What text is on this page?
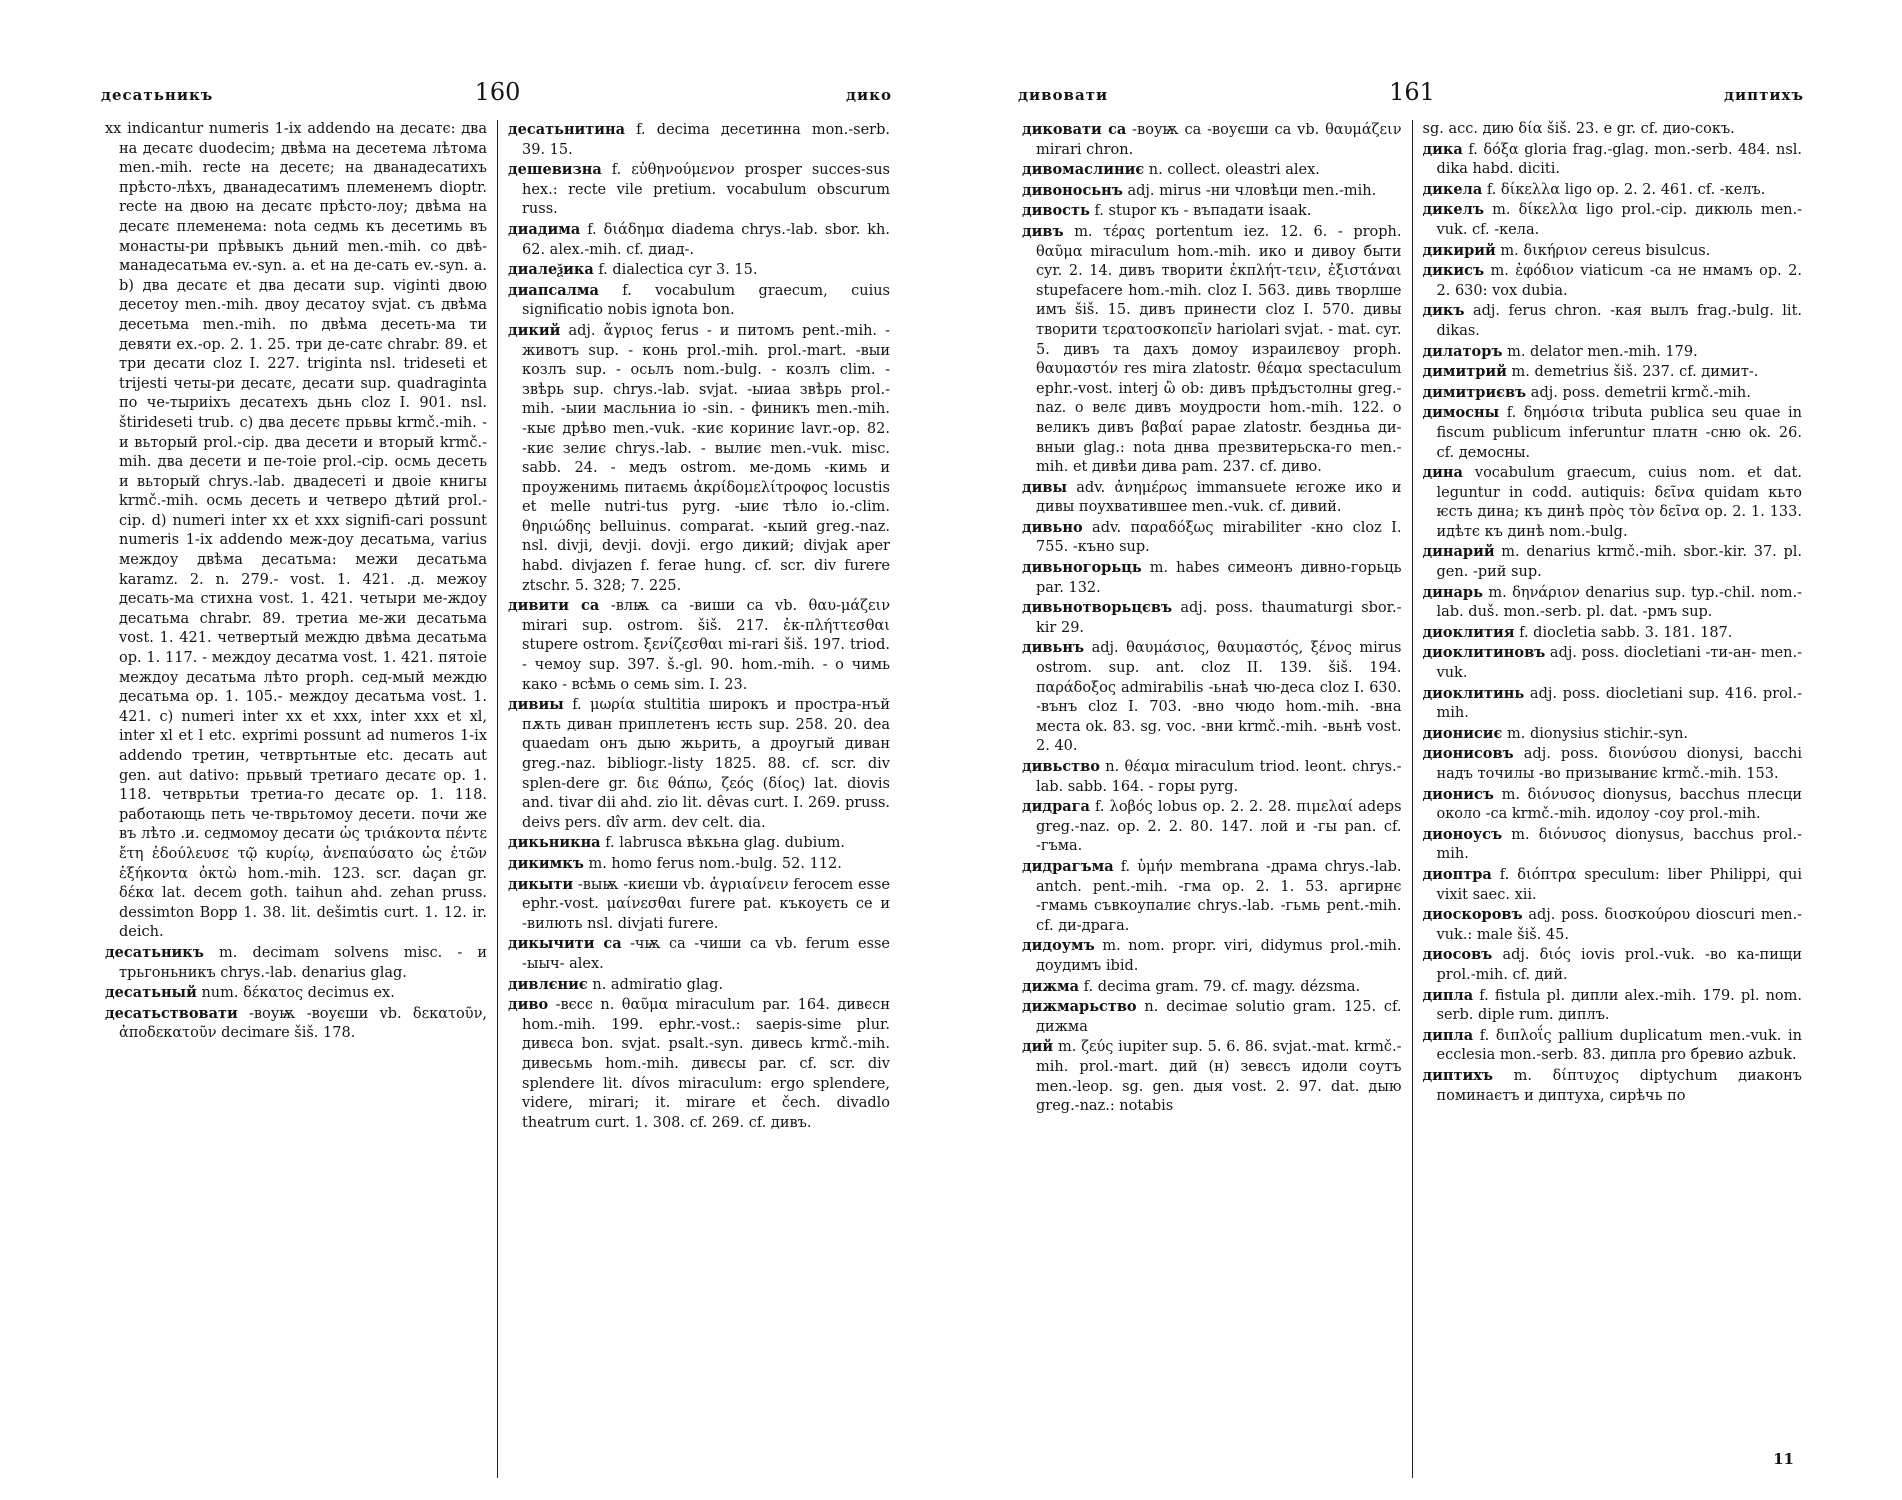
десатьникъ	160	дико

xx indicantur numeris 1-ix addendo на десатє: два на десатє duodecim; двѣма на десетема лѣтома men.-mih. recte на десетє; на дванадесатихъ прѣсто-лѣхъ, дванадесатимъ племенемъ dioptr. recte на двою на десатє прѣсто-лоу; двѣма на десатє племенема: nota седмь къ десетимь въ монасты-ри прѣвыкъ дьний men.-mih. со двѣ-манадесатьма ev.-syn. a. et на де-сать ev.-syn. a. b) два десатє et два десати sup. viginti двою десетоу men.-mih. двоу десатоу svjat. съ двѣма десетьма men.-mih. по двѣма десеть-ма ти девяти ex.-op. 2. 1. 25. три де-сатє chrabr. 89. et три десати cloz I. 227. triginta nsl. trideseti et trijesti четы-ри десатє, десати sup. quadraginta по че-тыриіхъ десатехъ дьнь cloz I. 901. nsl. štirideseti trub. c) два десетє прьвы krmč.-mih. - и вьторый prol.-cip. два десети и вторый krmč.-mih. два десети и пе-тоіе prol.-cip. осмь десеть и вьторый chrys.-lab. двадесеті и двоіе книгы krmč.-mih. осмь десеть и четверо дѣтий prol.-cip. d) numeri inter xx et xxx signifi-cari possunt numeris 1-ix addendo меж-доу десатьма, varius междоу двѣма десатьма: межи десатьма karamz. 2. n. 279.- vost. 1. 421. .д. межоу десать-ма стихна vost. 1. 421. четыри ме-ждоу десатьма chrabr. 89. третиа ме-жи десатьма vost. 1. 421. четвертый междю двѣма десатьма op. 1. 117. - междоу десатма vost. 1. 421. пятоіе междоу десатьма лѣто proph. сед-мый междю десатьма op. 1. 105.- междоу десатьма vost. 1. 421. c) numeri inter xx et xxx, inter xxx et xl, inter xl et l etc. exprimi possunt ad numeros 1-ix addendo третин, четвртьнтые etc. десать aut gen. aut dativo: прьвый третиаго десатє op. 1. 118. четврьтьи третиа-го десатє op. 1. 118. работающь петь че-тврьтомоу десети. почи же въ лѣто .и. седмомоу десати ὡς τριάκοντα πέντε ἔτη ἐδούλευσε τῷ κυρίῳ, ἀνεπαύσατο ὡς ἐτῶν ἑξήκοντα ὀκτὼ hom.-mih. 123. scr. daçan gr. δέκα lat. decem goth. taihun ahd. zehan pruss. dessimton Bopp 1. 38. lit. dešimtis curt. 1. 12. ir. deich.

десатьникъ m. decimam solvens misc. - и трьгоньникъ chrys.-lab. denarius glag.

десатьный num. δέκατος decimus ex.

десатьствовати -воуѭ -воуєши vb. δεκατοῦν, ἀποδεκατοῦν decimare šiš. 178.

десатьнитина f. decima десетинна mon.-serb. 39. 15.

дешевизна f. εὐθηνούμενον prosper succes-sus hex.: recte vile pretium. vocabulum obscurum russ.

диадима f. διάδημα diadema chrys.-lab. sbor. kh. 62. alex.-mih. cf. диад-.

диалеѯика f. dialectica cyr 3. 15.

диапсалма f. vocabulum graecum, cuius significatio nobis ignota bon.

дикий adj. ἄγριος ferus - и питомъ pent.-mih. - животъ sup. - конь prol.-mih. prol.-mart. -выи козлъ sup. - осьлъ nom.-bulg. - козлъ clim. - звѣрь sup. chrys.-lab. svjat. -ыиаа звѣрь prol.-mih. -ыии масльниа io -sin. - финикъ men.-mih. -кыє дрѣво men.-vuk. -киє кориниє lavr.-op. 82. -киє зелиє chrys.-lab. - вылиє men.-vuk. misc. sabb. 24. - медъ ostrom. ме-домь -кимь и проуженимь питаємь ἀκρίδομελίτροφος locustis et melle nutri-tus pyrg. -ыиє тѣло io.-clim. θηριώδης belluinus. comparat. -кыий greg.-naz. nsl. divji, devji. dovji. ergo дикий; divjak aper habd. divjazen f. ferae hung. cf. scr. div furere ztschr. 5. 328; 7. 225.

дивити са -влѭ са -виши са vb. θαυ-μάζειν mirari sup. ostrom. šiš. 217. ἐκ-πλήττεσθαι stupere ostrom. ξενίζεσθαι mi-rari šiš. 197. triod. - чемоу sup. 397. š.-gl. 90. hom.-mih. - о чимь како - всѣмь о семь sim. I. 23.

дивиы f. μωρία stultitia широкъ и простра-нъй пѫть диван приплетенъ ѥсть sup. 258. 20. dea quaedam онъ дыю жьрить, а дроугый диван greg.-naz. bibliogr.-listy 1825. 88. cf. scr. div splen-dere gr. διε θάπω, ζεός (δίος) lat. diovis and. tivar dii ahd. zio lit. dêvas curt. I. 269. pruss. deivs pers. dîv arm. dev celt. dia.

дикьникна f. labrusca вѣкьна glag. dubium.

дикимкъ m. homo ferus nom.-bulg. 52. 112.

дикыти -выѭ -києши vb. ἀγριαίνειν ferocem esse ephr.-vost. μαίνεσθαι furere pat. къкоуєть се и -вилють nsl. divjati furere.

дикычити са -чѭ са -чиши са vb. ferum esse -ыыч- alex.

дивлєниє n. admiratio glag.

диво -вєсє n. θαῦμα miraculum par. 164. дивєсн hom.-mih. 199. ephr.-vost.: saepis-sime plur. дивєса bon. svjat. psalt.-syn. дивесь krmč.-mih. дивесьмь hom.-mih. дивєсы par. cf. scr. div splendere lit. dívos miraculum: ergo splendere, videre, mirari; it. mirare et čech. divadlo theatrum curt. 1. 308. cf. 269. cf. дивъ.

дивовати	161	диптихъ

диковати са -воуѭ са -воуєши са vb. θαυμάζειν mirari chron.

дивомаслиниє n. collect. oleastri alex.

дивоносьнъ adj. mirus -ни чловѣци men.-mih.

дивость f. stupor къ - въпадати isaak.

дивъ m. τέρας portentum iez. 12. 6. - proph. θαῦμα miraculum hom.-mih. ико и дивоу быти cyr. 2. 14. дивъ творити ἐκπλήτ-τειν, ἐξιστάναι stupefacere hom.-mih. cloz I. 563. дивь творлше имъ šiš. 15. дивъ принести cloz I. 570. дивы творити τερατοσκοπεῖν hariolari svjat. - mat. cyr. 5. дивъ та дахъ домоу израилєвоу proph. θαυμαστόν res mira zlatostr. θέαμα spectaculum ephr.-vost. interj ὢ ob: дивъ прѣдъстолны greg.-naz. о велє дивъ моудрости hom.-mih. 122. о великъ дивъ βαβαί papae zlatostr. бездньа ди-вныи glag.: nota днва презвитерьска-го men.-mih. et дивѣи дива pam. 237. cf. диво.

дивы adv. ἀνημέρως immansuete ѥгоже ико и дивы поухватившее men.-vuk. cf. дивий.

дивьно adv. παραδόξως mirabiliter -кно cloz I. 755. -къно sup.

дивьногорьць m. habes симеонъ дивно-горьць par. 132.

дивьнотворьцєвъ adj. poss. thaumaturgi sbor.-kir 29.

дивьнъ adj. θαυμάσιος, θαυμαστός, ξένος mirus ostrom. sup. ant. cloz II. 139. šiš. 194. παράδοξος admirabilis -ьнаѣ чю-деса cloz I. 630. -вънъ cloz I. 703. -вно чюдо hom.-mih. -вна места ok. 83. sg. voc. -вни krmč.-mih. -вьнѣ vost. 2. 40.

дивьство n. θέαμα miraculum triod. leont. chrys.-lab. sabb. 164. - горы pyrg.

дидрага f. λοβός lobus op. 2. 2. 28. πιμελαί adeps greg.-naz. op. 2. 2. 80. 147. лой и -гы pan. cf. -гъма.

дидрагъма f. ὑμήν membrana -драма chrys.-lab. antch. pent.-mih. -гма op. 2. 1. 53. аргирнє -гмамь съвкоупалиє chrys.-lab. -гьмь pent.-mih. cf. ди-драга.

дидоумъ m. nom. propr. viri, didymus prol.-mih. доудимъ ibid.

дижма f. decima gram. 79. cf. magy. dézsma.

дижмарьство n. decimae solutio gram. 125. cf. дижма

дий m. ζεύς iupiter sup. 5. 6. 86. svjat.-mat. krmč.-mih. prol.-mart. дий (н) зевєсъ идоли соутъ men.-leop. sg. gen. дыя vost. 2. 97. dat. дыю greg.-naz.: notabis

sg. acc. дию δία šiš. 23. e gr. cf. дио-сокъ.

дика f. δόξα gloria frag.-glag. mon.-serb. 484. nsl. dika habd. diciti.

дикела f. δίκελλα ligo op. 2. 2. 461. cf. -келъ.

дикелъ m. δίκελλα ligo prol.-cip. дикюль men.-vuk. cf. -кела.

дикирий m. δικήριον cereus bisulcus.

дикисъ m. ἐφόδιον viaticum -са не нмамъ op. 2. 2. 630: vox dubia.

дикъ adj. ferus chron. -кая вылъ frag.-bulg. lit. dikas.

дилаторъ m. delator men.-mih. 179.

димитрий m. demetrius šiš. 237. cf. димит-.

димитриєвъ adj. poss. demetrii krmč.-mih.

димосны f. δημόσια tributa publica seu quae in fiscum publicum inferuntur платн -сню ok. 26. cf. демосны.

дина vocabulum graecum, cuius nom. et dat. leguntur in codd. autiquis: δεῖνα quidam кьто ѥсть дина; къ динѣ πρὸς τὸν δεῖνα op. 2. 1. 133. идѣтє къ динѣ nom.-bulg.

динарий m. denarius krmč.-mih. sbor.-kir. 37. pl. gen. -рий sup.

динарь m. δηνάριον denarius sup. typ.-chil. nom.-lab. duš. mon.-serb. pl. dat. -рмъ sup.

диоклития f. diocletia sabb. 3. 181. 187.

диоклитиновъ adj. poss. diocletiani -ти-ан- men.-vuk.

диоклитинь adj. poss. diocletiani sup. 416. prol.-mih.

дионисиє m. dionysius stichir.-syn.

дионисовъ adj. poss. διονύσου dionysi, bacchi надъ точилы -во призываниє krmč.-mih. 153.

дионисъ m. διόνυσος dionysus, bacchus плесци около -са krmč.-mih. идолоу -соу prol.-mih.

дионоусъ m. διόνυσος dionysus, bacchus prol.-mih.

диоптра f. διόπτρα speculum: liber Philippi, qui vixit saec. xii.

диоскоровъ adj. poss. διοσκούρου dioscuri men.-vuk.: male šiš. 45.

диосовъ adj. διός iovis prol.-vuk. -во ка-пищи prol.-mih. cf. дий.

дипла f. fistula pl. дипли alex.-mih. 179. pl. nom. serb. diple rum. диплъ.

дипла f. διπλοΐς pallium duplicatum men.-vuk. in ecclesia mon.-serb. 83. дипла pro бревио azbuk.

диптихъ m. δίπτυχος diptychum диаконъ поминаєтъ и диптуха, сирѣчь по

11
